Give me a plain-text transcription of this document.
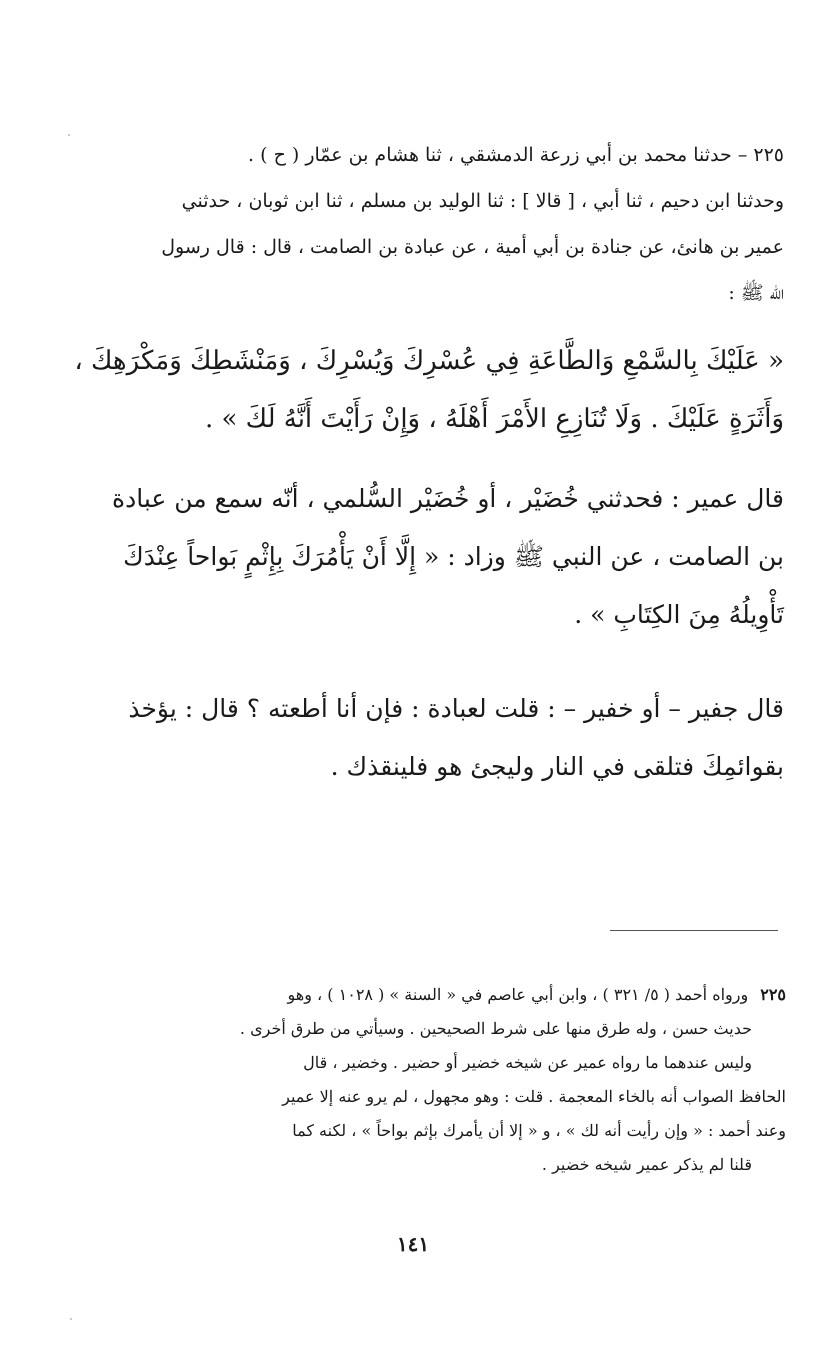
٢٢٥ – حدثنا محمد بن أبي زرعة الدمشقي ، ثنا هشام بن عمّار ( ح ) .
وحدثنا ابن دحيم ، ثنا أبي ، [ قالا ] : ثنا الوليد بن مسلم ، ثنا ابن ثوبان ، حدثني
عمير بن هانئ، عن جنادة بن أبي أمية ، عن عبادة بن الصامت ، قال : قال رسول
الله ﷺ :
« عَلَيْكَ بِالسَّمْعِ وَالطَّاعَةِ فِي عُسْرِكَ وَيُسْرِكَ ، وَمَنْشَطِكَ وَمَكْرَهِكَ ،
وَأَثَرَةٍ عَلَيْكَ . وَلَا تُنَازِعِ الأَمْرَ أَهْلَهُ ، وَإِنْ رَأَيْتَ أَنَّهُ لَكَ » .
قال عمير : فحدثني خُضَيْر ، أو خُضَيْر السُّلمي ، أنّه سمع من عبادة
بن الصامت ، عن النبي ﷺ وزاد : « إِلَّا أَنْ يَأْمُرَكَ بِإِثْمٍ بَواحاً عِنْدَكَ
تَأْوِيلُهُ مِنَ الكِتَابِ » .
قال جفير – أو خفير – : قلت لعبادة : فإن أنا أطعته ؟ قال : يؤخذ
بقوائمِكَ فتلقى في النار وليجئ هو فلينقذك .
٢٢٥ورواه أحمد ( ٥/ ٣٢١ ) ، وابن أبي عاصم في « السنة » ( ١٠٢٨ ) ، وهو
حديث حسن ، وله طرق منها على شرط الصحيحين . وسيأتي من طرق أخرى .
وليس عندهما ما رواه عمير عن شيخه خضير أو حضير . وخضير ، قال
الحافظ الصواب أنه بالخاء المعجمة . قلت : وهو مجهول ، لم يرو عنه إلا عمير
وعند أحمد : « وإن رأيت أنه لك » ، و « إلا أن يأمرك بإثم بواحاً » ، لكنه كما
قلنا لم يذكر عمير شيخه خضير .
١٤١
